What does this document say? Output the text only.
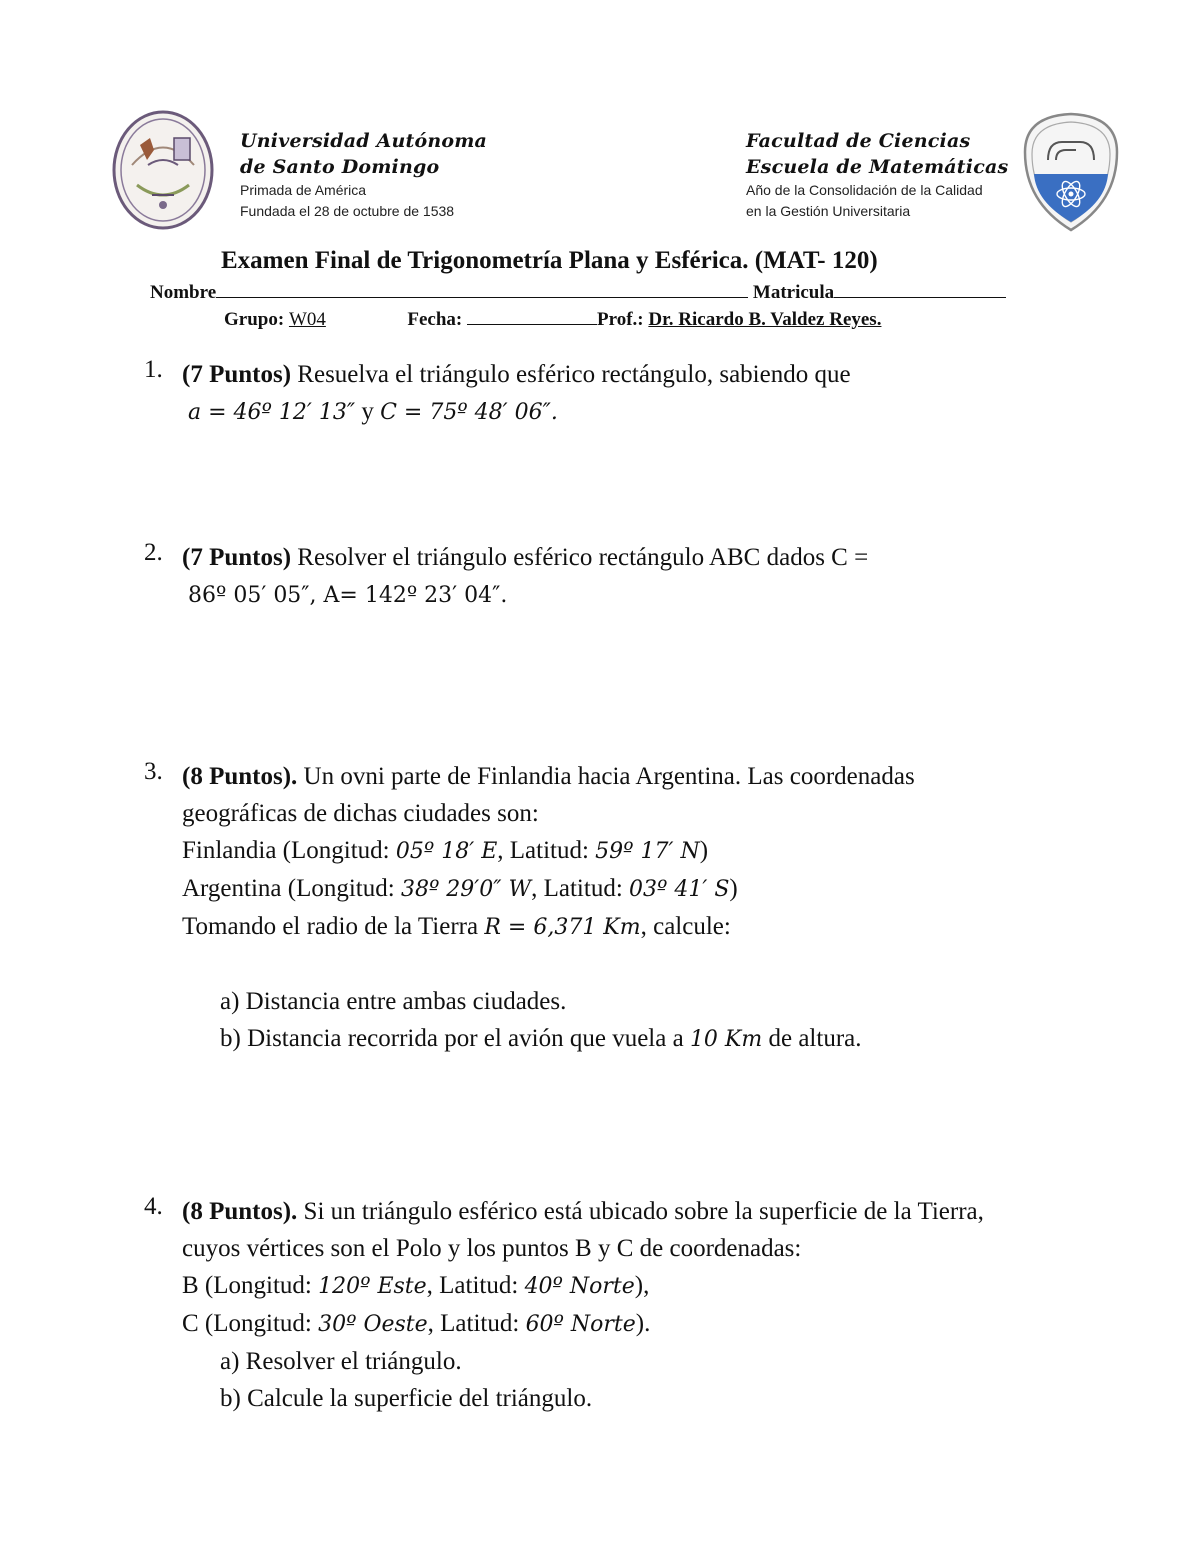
Universidad Autónoma
de Santo Domingo
Primada de América
Fundada el 28 de octubre de 1538
Facultad de Ciencias
Escuela de Matemáticas
Año de la Consolidación de la Calidad
en la Gestión Universitaria
Examen Final de Trigonometría Plana y Esférica. (MAT- 120)
Nombre	Matricula
Grupo: W04	Fecha:	Prof.: Dr. Ricardo B. Valdez Reyes.
1. (7 Puntos) Resuelva el triángulo esférico rectángulo, sabiendo que
a = 46º 12′ 13″ y C = 75º 48′ 06″.
2. (7 Puntos) Resolver el triángulo esférico rectángulo ABC dados C =
86º 05′ 05″, A= 142º 23′ 04″.
3. (8 Puntos). Un ovni parte de Finlandia hacia Argentina. Las coordenadas
geográficas de dichas ciudades son:
Finlandia (Longitud: 05º 18′ E, Latitud: 59º 17′ N)
Argentina (Longitud: 38º 29′0″ W, Latitud: 03º 41′ S)
Tomando el radio de la Tierra R = 6,371 Km, calcule:
a) Distancia entre ambas ciudades.
b) Distancia recorrida por el avión que vuela a 10 Km de altura.
4. (8 Puntos). Si un triángulo esférico está ubicado sobre la superficie de la Tierra,
cuyos vértices son el Polo y los puntos B y C de coordenadas:
B (Longitud: 120º Este, Latitud: 40º Norte),
C (Longitud: 30º Oeste, Latitud: 60º Norte).
a) Resolver el triángulo.
b) Calcule la superficie del triángulo.
